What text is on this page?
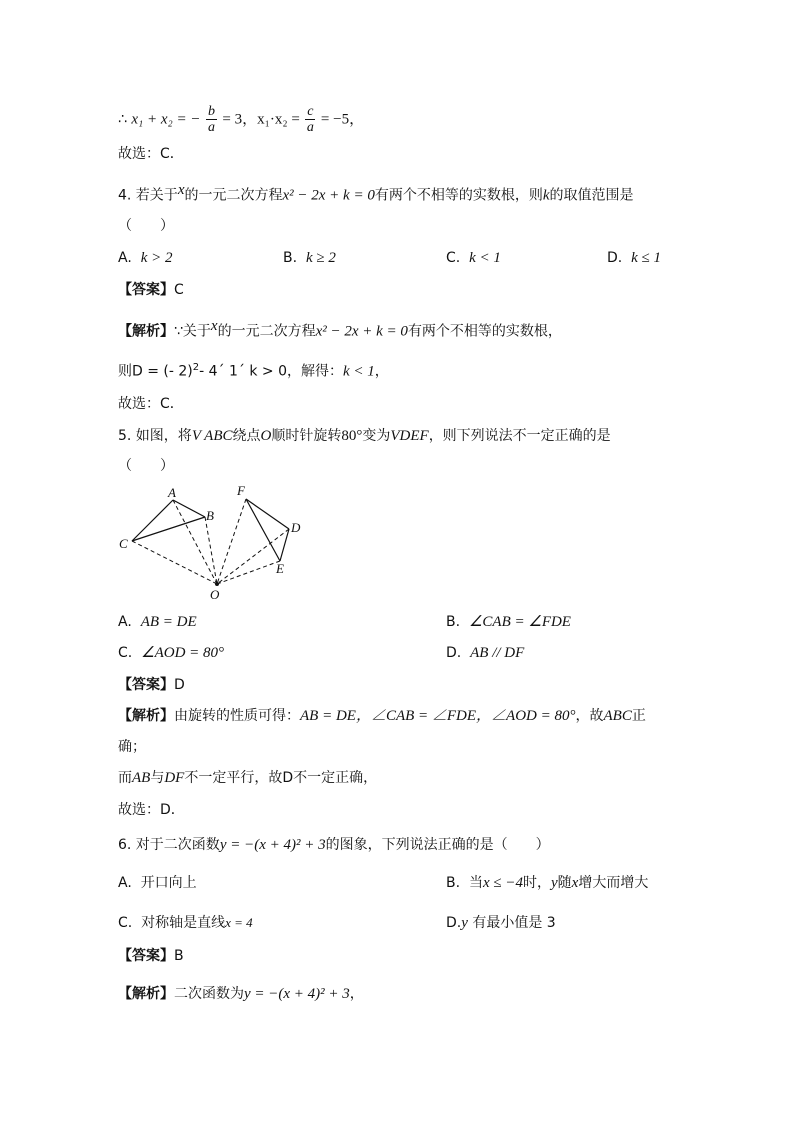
∴ x₁ + x₂ = − $\frac{b}{a} = 3$，$x_1\cdot x_2 = \frac{c}{a} = -5$，
故选：C．
4. 若关于$^x$的一元二次方程x² − 2x + k = 0有两个不相等的实数根，则k的取值范围是
（　　）
A. k > 2	B. k ≥ 2	C. k < 1	D. k ≤ 1
【答案】C
【解析】∵关于$^x$的一元二次方程x² − 2x + k = 0有两个不相等的实数根，
则D = (- 2)$^2$- 4´ 1´ k > 0，解得：k < 1，
故选：C．
5. 如图，将V ABC绕点O顺时针旋转80°变为VDEF，则下列说法不一定正确的是
（　　）
A
B
C
F
D
E
O
A. AB = DE	B. ∠CAB = ∠FDE
C. ∠AOD = 80°	D. AB // DF
【答案】D
【解析】由旋转的性质可得：AB = DE，∠CAB = ∠FDE，∠AOD = 80°，故ABC正
确；
而AB与DF不一定平行，故D不一定正确，
故选：D．
6. 对于二次函数y = −(x + 4)² + 3的图象，下列说法正确的是（　　）
A. 开口向上	B. 当x ≤ −4时，y随x增大而增大
C. 对称轴是直线x = 4	D.y 有最小值是 3
【答案】B
【解析】二次函数为y = −(x + 4)² + 3，
